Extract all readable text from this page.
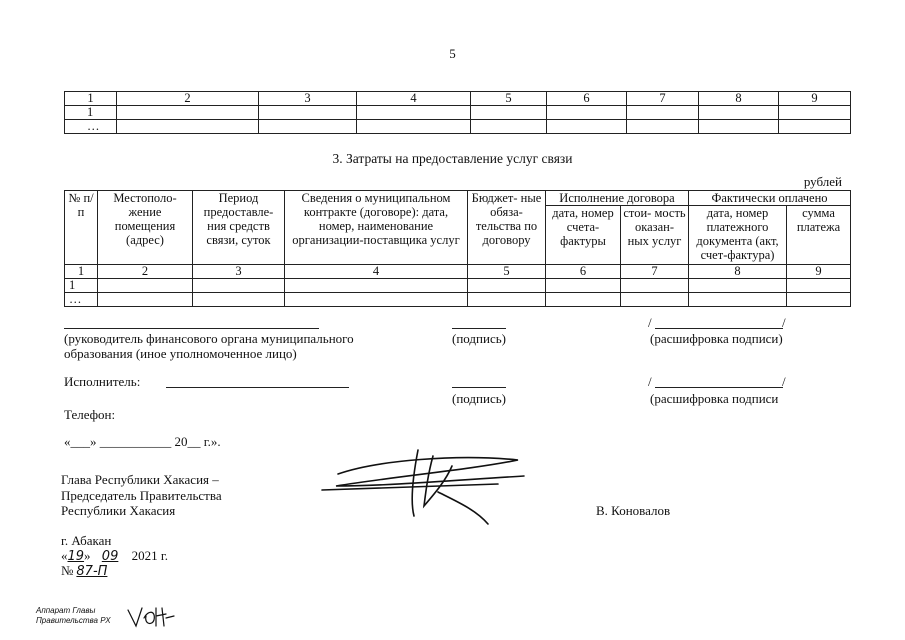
5
1	2	3	4	5	6	7	8	9
1								
…								
3. Затраты на предоставление услуг связи
рублей
№ п/п	Местополо- жение помещения (адрес)	Период предоставле- ния средств связи, суток	Сведения о муниципальном контракте (договоре): дата, номер, наименование организации-поставщика услуг	Бюджет- ные обяза- тельства по договору	Исполнение договора		Фактически оплачено	
					дата, номер счета- фактуры	стои- мость оказан- ных услуг	дата, номер платежного документа (акт, счет-фактура)	сумма платежа
1	2	3	4	5	6	7	8	9
1								
…								
/	/
(руководитель финансового органа муниципального образования (иное уполномоченное лицо)
(подпись)	(расшифровка подписи)
Исполнитель:	/	/
(подпись)	(расшифровка подписи
Телефон:
«___» ___________ 20__ г.».
Глава Республики Хакасия –
Председатель Правительства
Республики Хакасия	В. Коновалов
г. Абакан
«19» 09 2021 г.
№ 87-П
Аппарат Главы
Правительства РХ
